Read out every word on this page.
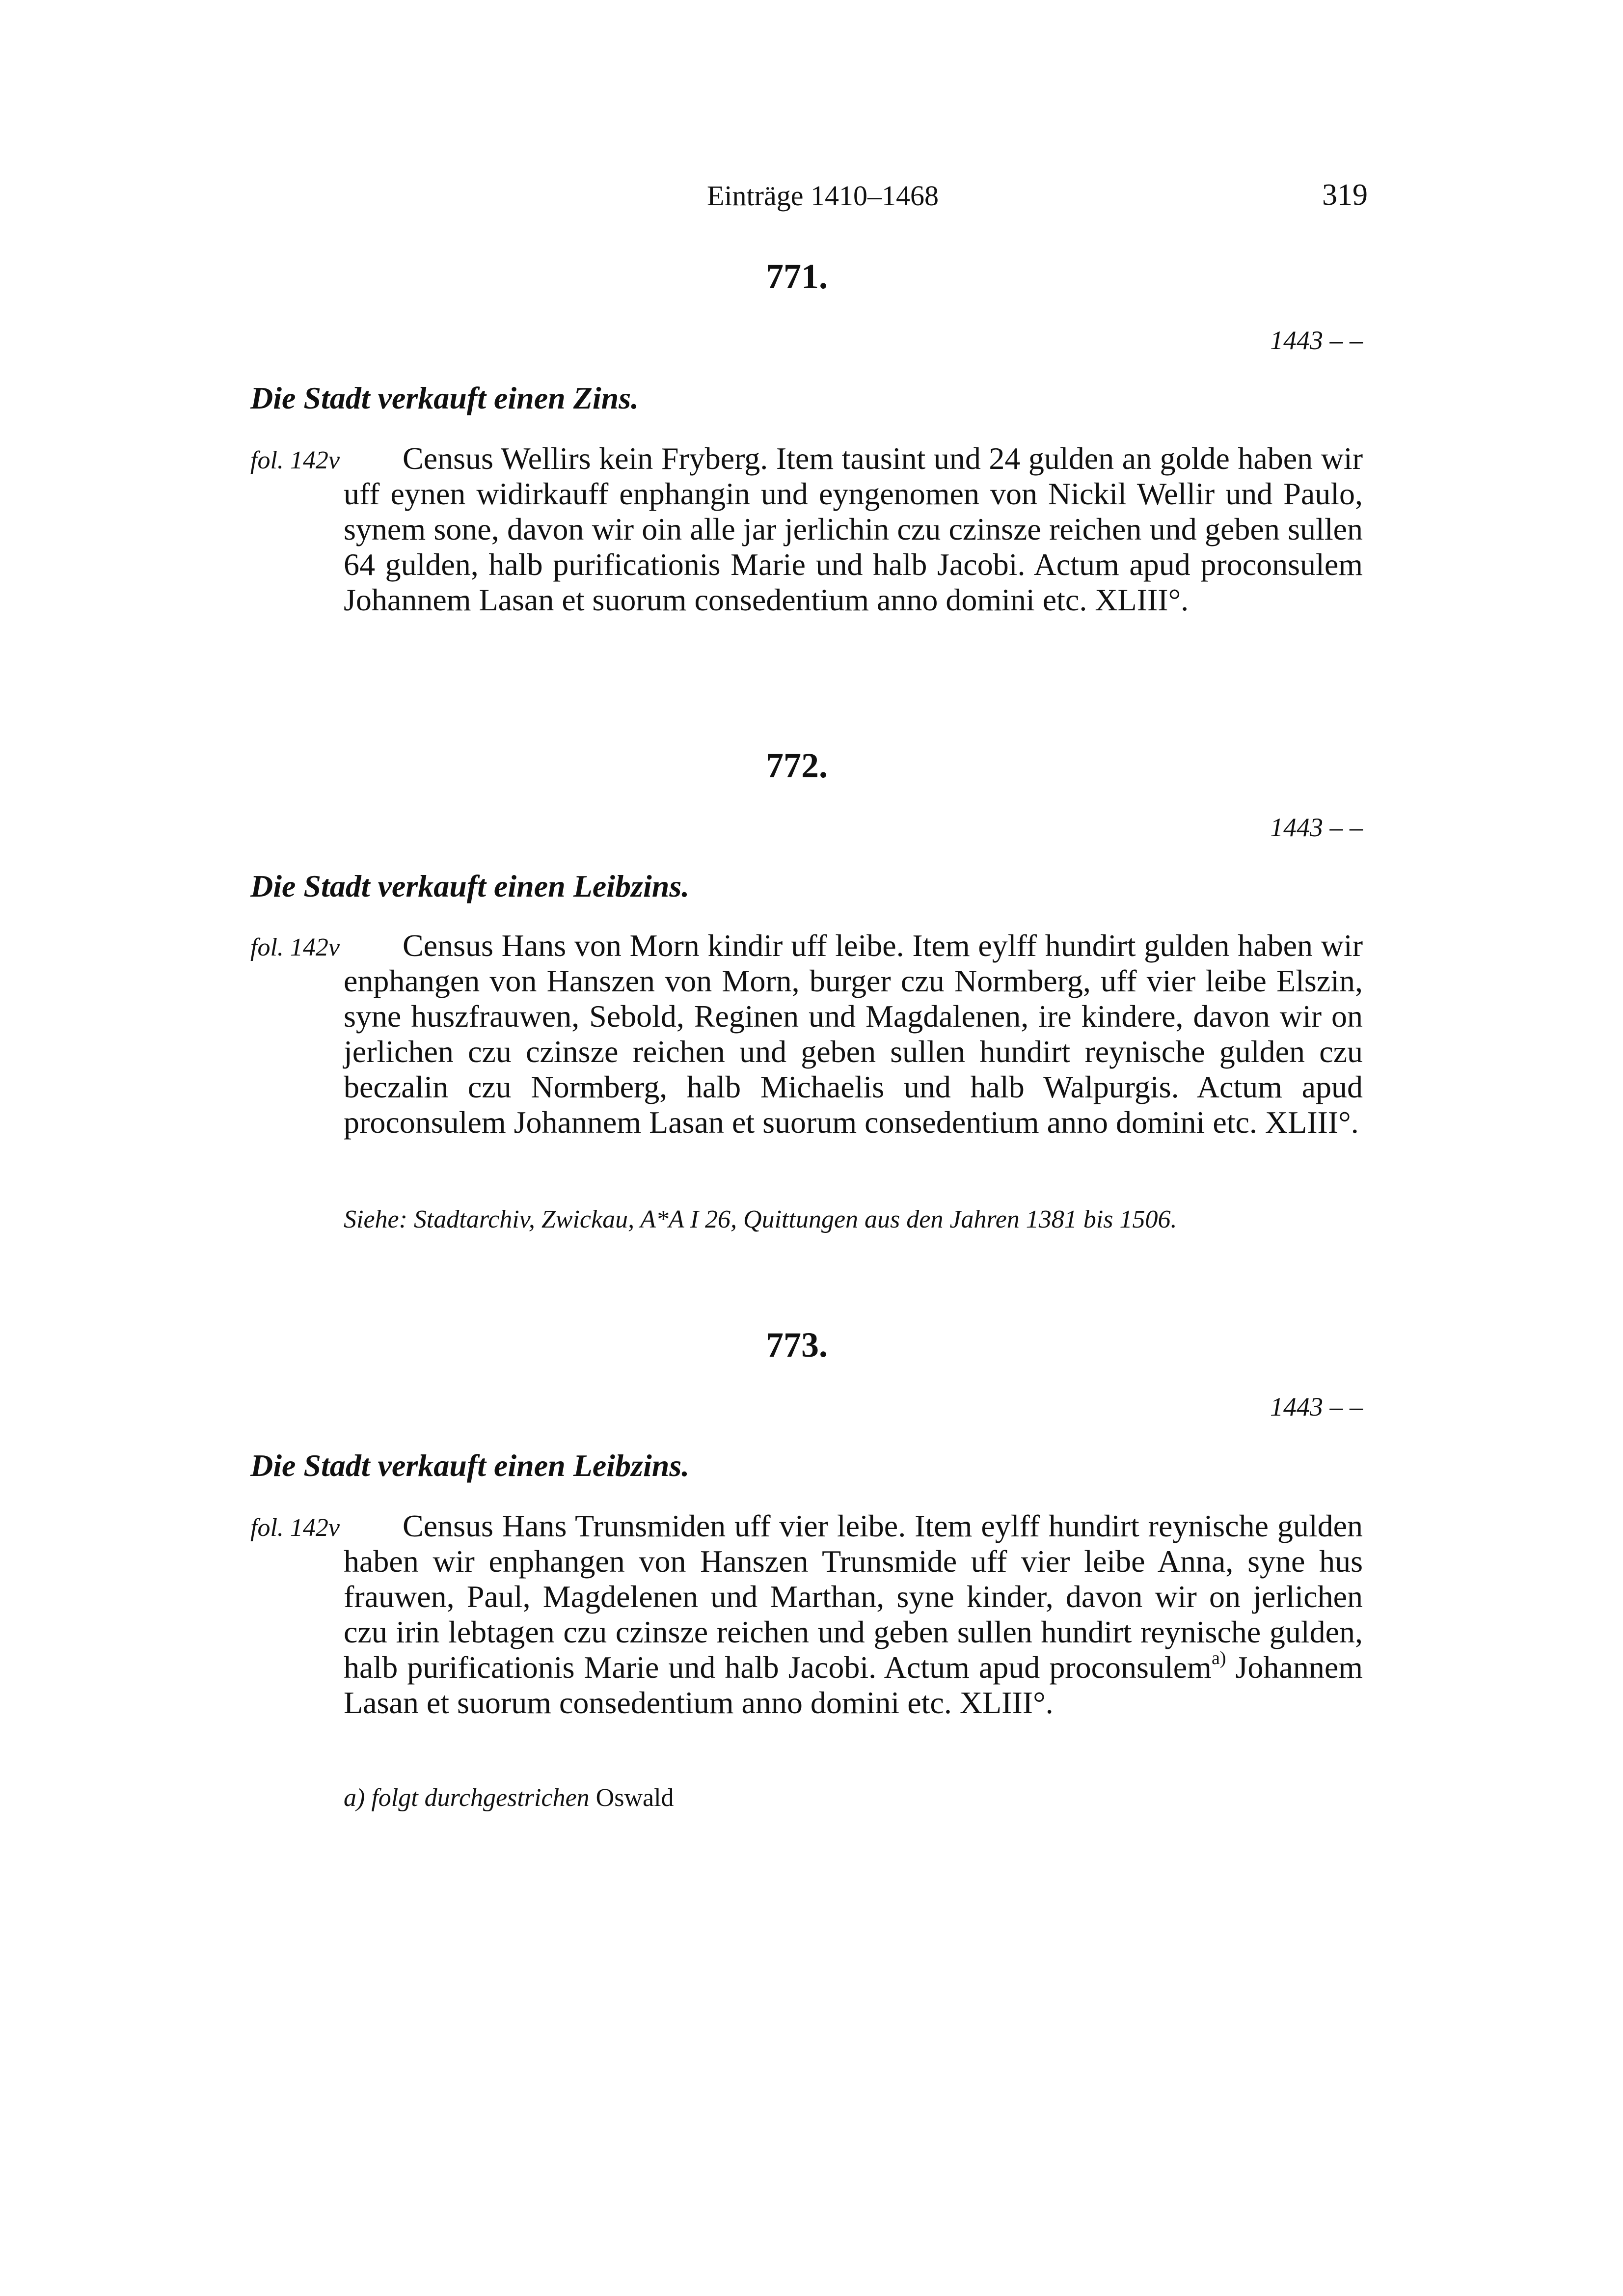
Einträge 1410–1468	319
771.
1443 – –
Die Stadt verkauft einen Zins.
fol. 142v	Census Wellirs kein Fryberg. Item tausint und 24 gulden an golde haben wir uff eynen widirkauff enphangin und eyngenomen von Nickil Wellir und Paulo, synem sone, davon wir oin alle jar jerlichin czu czinsze reichen und geben sullen 64 gulden, halb purificationis Marie und halb Jacobi. Actum apud proconsulem Johannem Lasan et suorum consedentium anno domini etc. XLIII°.

772.
1443 – –
Die Stadt verkauft einen Leibzins.
fol. 142v	Census Hans von Morn kindir uff leibe. Item eylff hundirt gulden haben wir enphangen von Hanszen von Morn, burger czu Normberg, uff vier leibe Elszin, syne huszfrauwen, Sebold, Reginen und Magdalenen, ire kindere, davon wir on jerlichen czu czinsze reichen und geben sullen hundirt reynische gulden czu beczalin czu Normberg, halb Michaelis und halb Walpurgis. Actum apud proconsulem Johannem Lasan et suorum consedentium anno domini etc. XLIII°.

Siehe: Stadtarchiv, Zwickau, A*A I 26, Quittungen aus den Jahren 1381 bis 1506.
773.
1443 – –
Die Stadt verkauft einen Leibzins.
fol. 142v	Census Hans Trunsmiden uff vier leibe. Item eylff hundirt reynische gulden haben wir enphangen von Hanszen Trunsmide uff vier leibe Anna, syne hus frauwen, Paul, Magdelenen und Marthan, syne kinder, davon wir on jerlichen czu irin lebtagen czu czinsze reichen und geben sullen hundirt reynische gulden, halb purificationis Marie und halb Jacobi. Actum apud proconsulem$^{a)}$ Johannem Lasan et suorum consedentium anno domini etc. XLIII°.

a) folgt durchgestrichen Oswald
